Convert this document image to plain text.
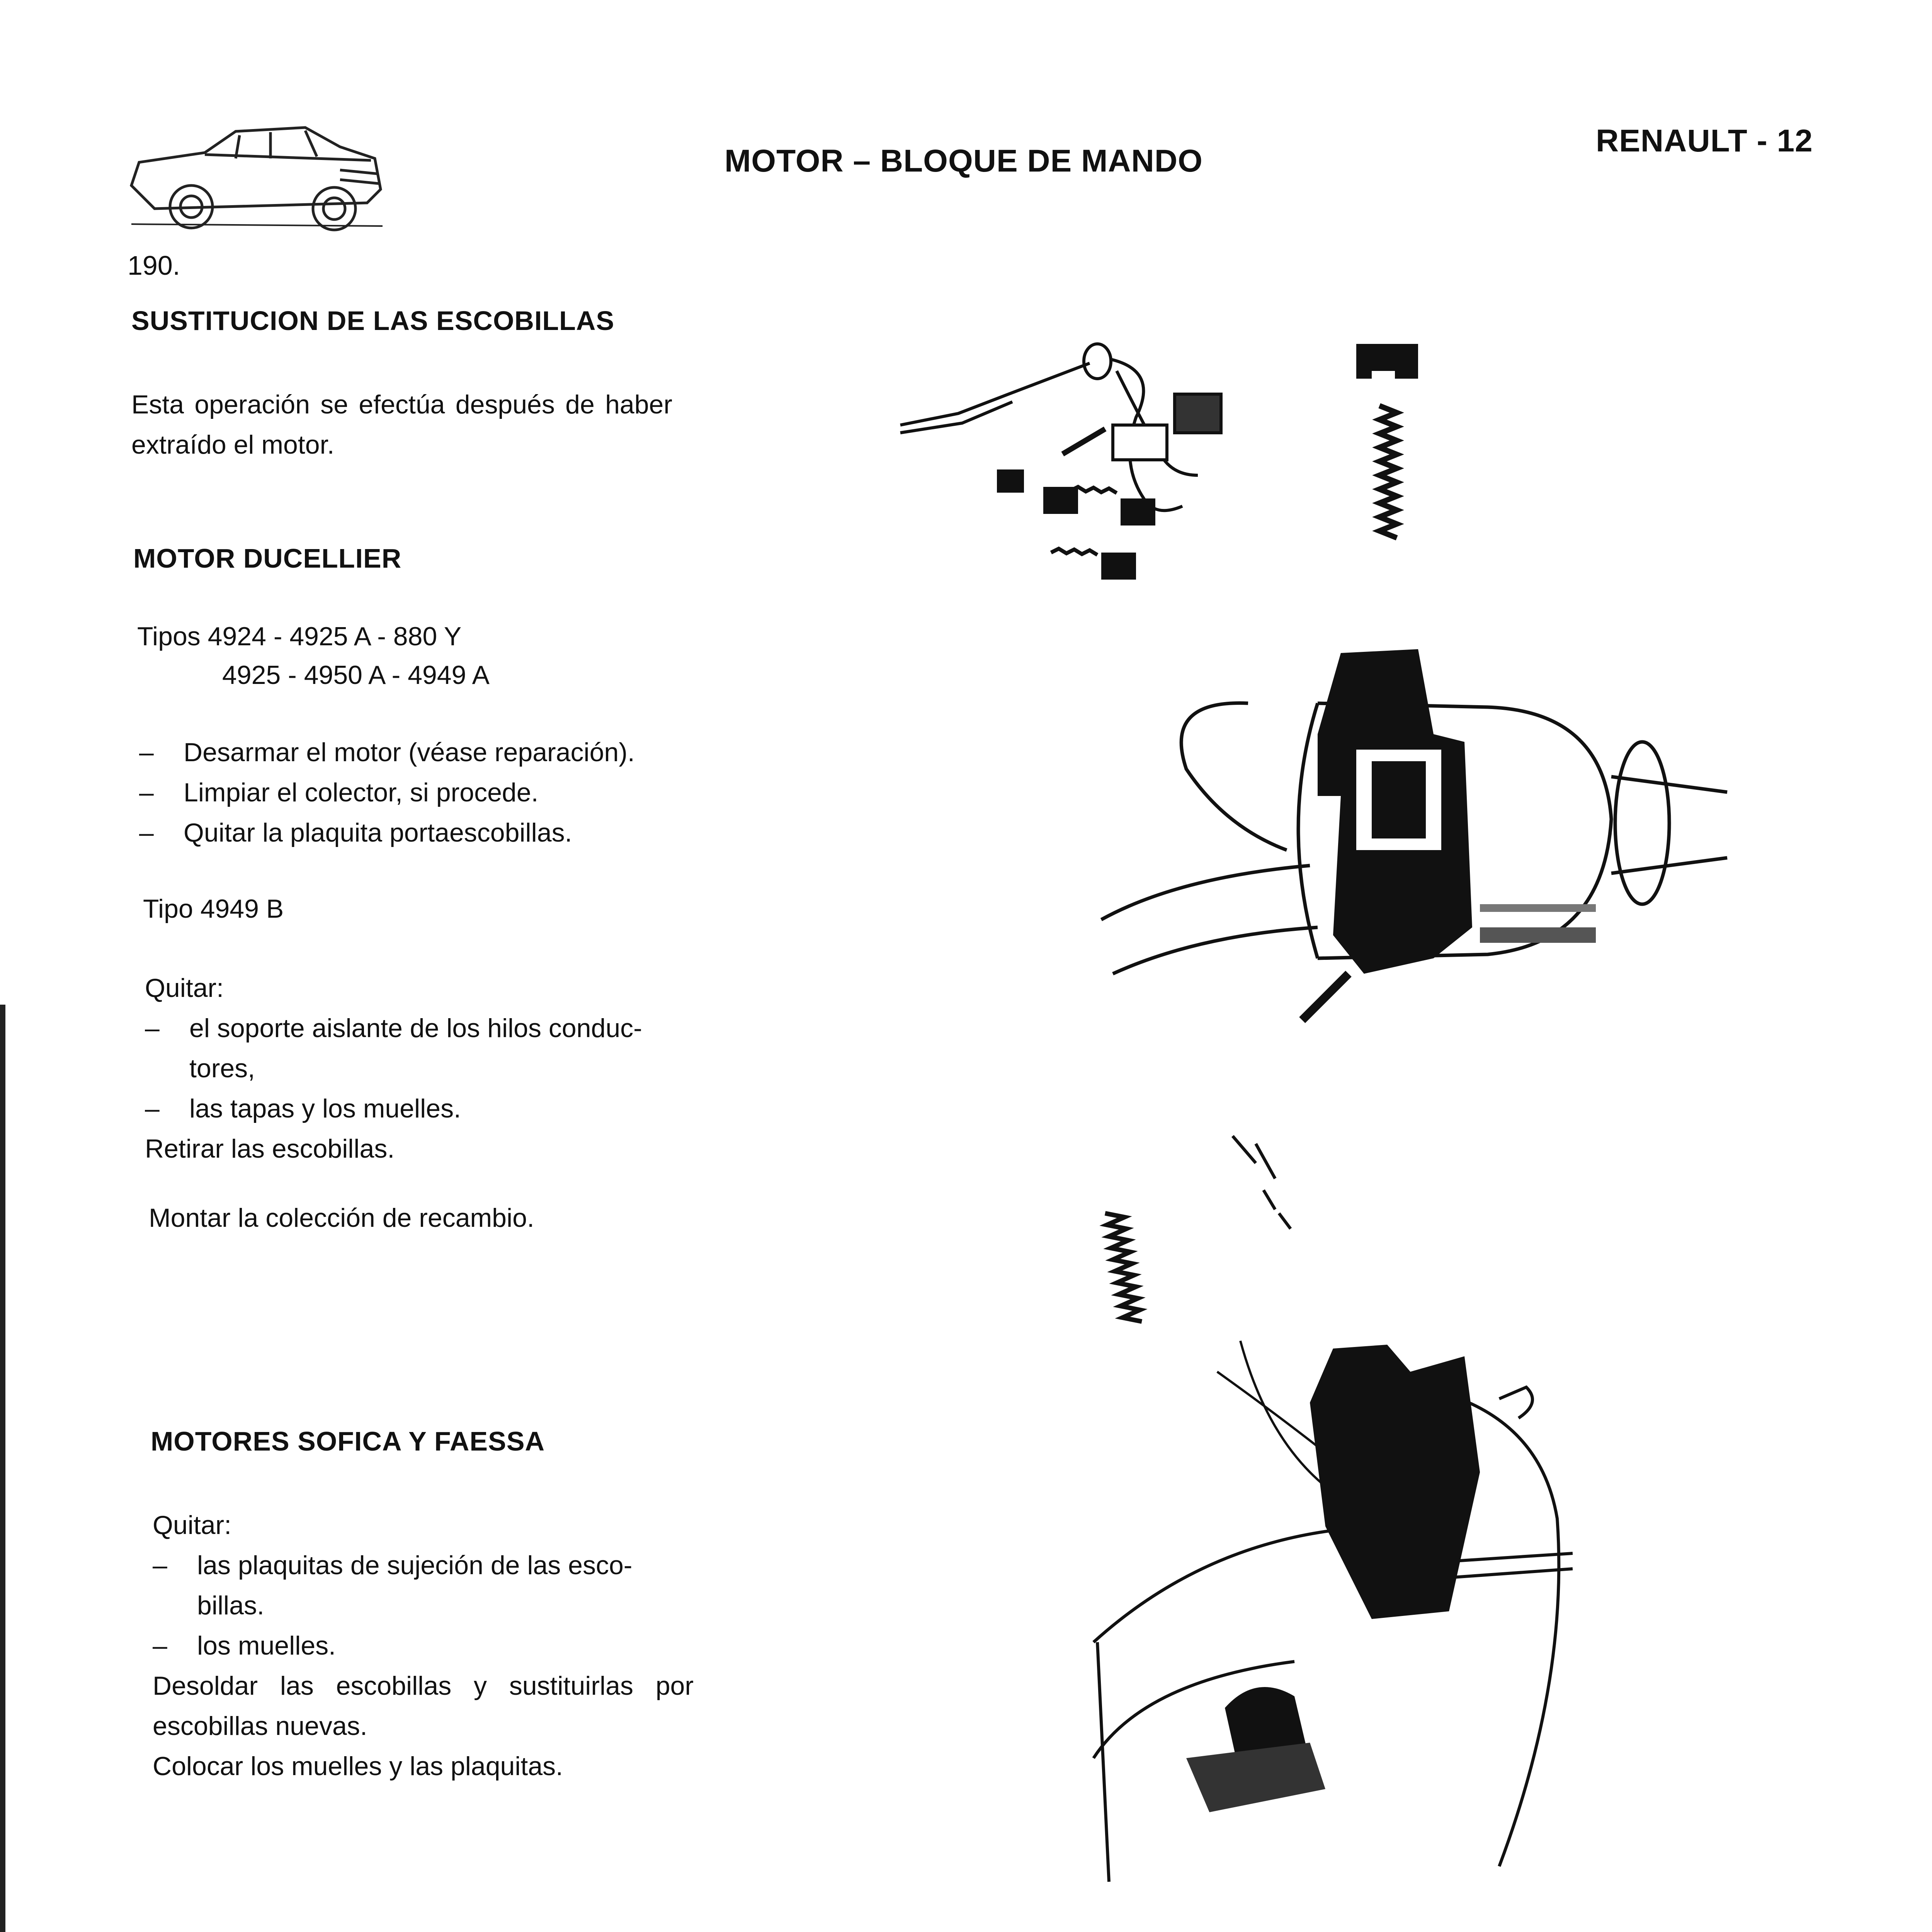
190.
MOTOR – BLOQUE DE MANDO
RENAULT - 12
SUSTITUCION DE LAS ESCOBILLAS
Esta operación se efectúa después de haber extraído el motor.
MOTOR DUCELLIER
Tipos 4924 - 4925 A - 880 Y
4925 - 4950 A - 4949 A

– Desarmar el motor (véase reparación).

– Limpiar el colector, si procede.

– Quitar la plaquita portaescobillas.

Tipo 4949 B

Quitar:

– el soporte aislante de los hilos conduc-

tores,

– las tapas y los muelles.

Retirar las escobillas.

Montar la colección de recambio.
MOTORES SOFICA Y FAESSA

Quitar:

– las plaquitas de sujeción de las esco-

billas.

– los muelles.

Desoldar las escobillas y sustituirlas por escobillas nuevas.

Colocar los muelles y las plaquitas.
